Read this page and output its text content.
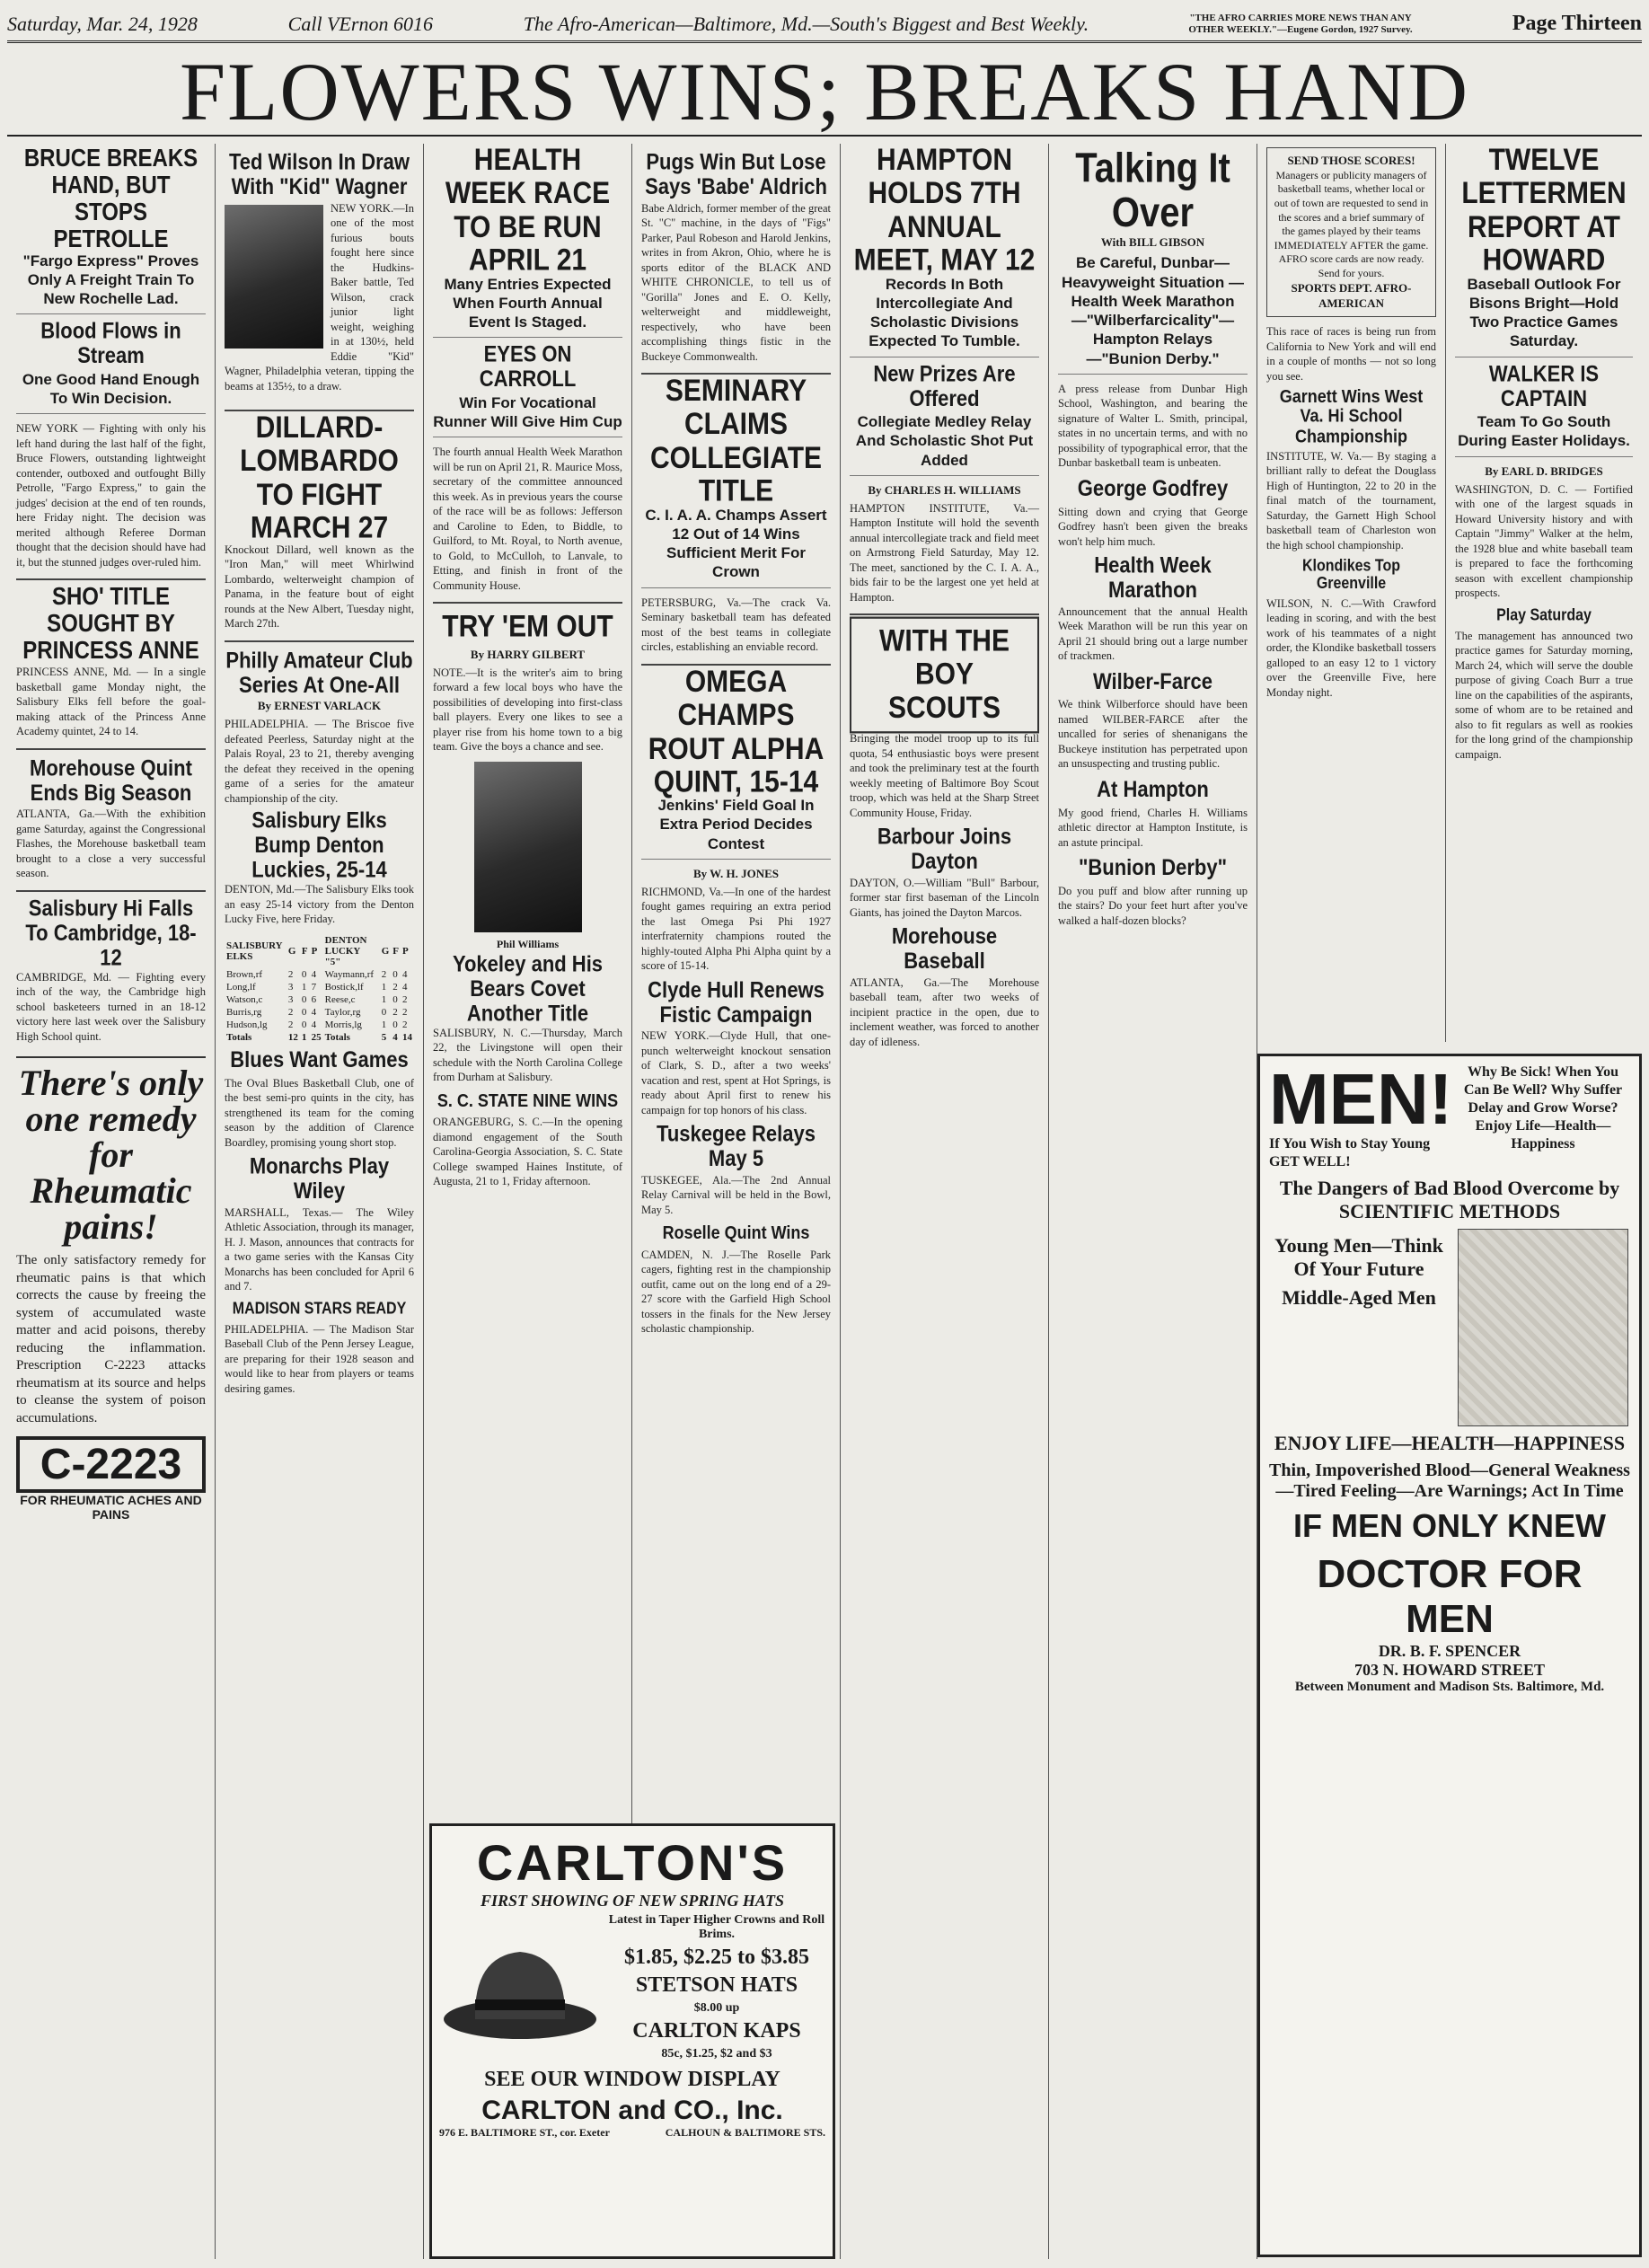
Saturday, Mar. 24, 1928	Call VErnon 6016	The Afro-American—Baltimore, Md.—South's Biggest and Best Weekly.	"THE AFRO CARRIES MORE NEWS THAN ANY OTHER WEEKLY."—Eugene Gordon, 1927 Survey.	Page Thirteen
FLOWERS WINS; BREAKS HAND
BRUCE BREAKS HAND, BUT STOPS PETROLLE
"Fargo Express" Proves Only A Freight Train To New Rochelle Lad.
Blood Flows in Stream
One Good Hand Enough To Win Decision.

NEW YORK — Fighting with only his left hand during the last half of the fight, Bruce Flowers, outstanding lightweight contender, outboxed and outfought Billy Petrolle, "Fargo Express," to gain the judges' decision at the end of ten rounds, here Friday night. The decision was merited although Referee Dorman thought that the decision should have had it, but the stunned judges over-ruled him.

SHO' TITLE SOUGHT BY PRINCESS ANNE

PRINCESS ANNE, Md. — In a single basketball game Monday night, the Salisbury Elks fell before the goal-making attack of the Princess Anne Academy quintet, 24 to 14.

Morehouse Quint Ends Big Season

ATLANTA, Ga.—With the exhibition game Saturday, against the Congressional Flashes, the Morehouse basketball team brought to a close a very successful season.

Salisbury Hi Falls To Cambridge, 18-12

CAMBRIDGE, Md. — Fighting every inch of the way, the Cambridge high school basketeers turned in an 18-12 victory here last week over the Salisbury High School quint.

There's only one remedy for Rheumatic pains!

The only satisfactory remedy for rheumatic pains is that which corrects the cause by freeing the system of accumulated waste matter and acid poisons, thereby reducing the inflammation. Prescription C-2223 attacks rheumatism at its source and helps to cleanse the system of poison accumulations.

C-2223
FOR RHEUMATIC ACHES AND PAINS
Ted Wilson In Draw With "Kid" Wagner

NEW YORK.—In one of the most furious bouts fought here since the Hudkins-Baker battle, Ted Wilson, crack junior light weight, weighing in at 130½, held Eddie "Kid" Wagner, Philadelphia veteran, tipping the beams at 135½, to a draw.

DILLARD-LOMBARDO TO FIGHT MARCH 27

Knockout Dillard, well known as the "Iron Man," will meet Whirlwind Lombardo, welterweight champion of Panama, in the feature bout of eight rounds at the New Albert, Tuesday night, March 27th.

Philly Amateur Club Series At One-All
By ERNEST VARLACK

PHILADELPHIA. — The Briscoe five defeated Peerless, Saturday night at the Palais Royal, 23 to 21, thereby avenging the defeat they received in the opening game of a series for the amateur championship of the city.

Salisbury Elks Bump Denton Luckies, 25-14

DENTON, Md.—The Salisbury Elks took an easy 25-14 victory from the Denton Lucky Five, here Friday.

SALISBURY ELKS	G	F	P	DENTON LUCKY "5"	G	F	P
Brown,rf	2	0	4	Waymann,rf	2	0	4
Long,lf	3	1	7	Bostick,lf	1	2	4
Watson,c	3	0	6	Reese,c	1	0	2
Burris,rg	2	0	4	Taylor,rg	0	2	2
Hudson,lg	2	0	4	Morris,lg	1	0	2
Totals	12	1	25	Totals	5	4	14
Blues Want Games

The Oval Blues Basketball Club, one of the best semi-pro quints in the city, has strengthened its team for the coming season by the addition of Clarence Boardley, promising young short stop.

Monarchs Play Wiley

MARSHALL, Texas.— The Wiley Athletic Association, through its manager, H. J. Mason, announces that contracts for a two game series with the Kansas City Monarchs has been concluded for April 6 and 7.

MADISON STARS READY

PHILADELPHIA. — The Madison Star Baseball Club of the Penn Jersey League, are preparing for their 1928 season and would like to hear from players or teams desiring games.

HEALTH WEEK RACE TO BE RUN APRIL 21
Many Entries Expected When Fourth Annual Event Is Staged.
EYES ON CARROLL
Win For Vocational Runner Will Give Him Cup

The fourth annual Health Week Marathon will be run on April 21, R. Maurice Moss, secretary of the committee announced this week. As in previous years the course of the race will be as follows: Jefferson and Caroline to Eden, to Biddle, to Guilford, to Mt. Royal, to North avenue, to Gold, to McCulloh, to Lanvale, to Etting, and finish in front of the Community House.

TRY 'EM OUT
By HARRY GILBERT

NOTE.—It is the writer's aim to bring forward a few local boys who have the possibilities of developing into first-class ball players. Every one likes to see a player rise from his home town to a big team. Give the boys a chance and see.

Phil Williams
Yokeley and His Bears Covet Another Title

SALISBURY, N. C.—Thursday, March 22, the Livingstone will open their schedule with the North Carolina College from Durham at Salisbury.

S. C. STATE NINE WINS

ORANGEBURG, S. C.—In the opening diamond engagement of the South Carolina-Georgia Association, S. C. State College swamped Haines Institute, of Augusta, 21 to 1, Friday afternoon.

Pugs Win But Lose Says 'Babe' Aldrich

Babe Aldrich, former member of the great St. "C" machine, in the days of "Figs" Parker, Paul Robeson and Harold Jenkins, writes in from Akron, Ohio, where he is sports editor of the BLACK AND WHITE CHRONICLE, to tell us of "Gorilla" Jones and E. O. Kelly, welterweight and middleweight, respectively, who have been accomplishing things fistic in the Buckeye Commonwealth.

SEMINARY CLAIMS COLLEGIATE TITLE
C. I. A. A. Champs Assert 12 Out of 14 Wins Sufficient Merit For Crown

PETERSBURG, Va.—The crack Va. Seminary basketball team has defeated most of the best teams in collegiate circles, establishing an enviable record.

OMEGA CHAMPS ROUT ALPHA QUINT, 15-14
Jenkins' Field Goal In Extra Period Decides Contest
By W. H. JONES

RICHMOND, Va.—In one of the hardest fought games requiring an extra period the last Omega Psi Phi 1927 interfraternity champions routed the highly-touted Alpha Phi Alpha quint by a score of 15-14.

Clyde Hull Renews Fistic Campaign

NEW YORK.—Clyde Hull, that one-punch welterweight knockout sensation of Clark, S. D., after a two weeks' vacation and rest, spent at Hot Springs, is ready about April first to renew his campaign for top honors of his class.

Tuskegee Relays May 5

TUSKEGEE, Ala.—The 2nd Annual Relay Carnival will be held in the Bowl, May 5.

Roselle Quint Wins

CAMDEN, N. J.—The Roselle Park cagers, fighting rest in the championship outfit, came out on the long end of a 29-27 score with the Garfield High School tossers in the finals for the New Jersey scholastic championship.

HAMPTON HOLDS 7TH ANNUAL MEET, MAY 12
Records In Both Intercollegiate And Scholastic Divisions Expected To Tumble.
New Prizes Are Offered
Collegiate Medley Relay And Scholastic Shot Put Added
By CHARLES H. WILLIAMS

HAMPTON INSTITUTE, Va.— Hampton Institute will hold the seventh annual intercollegiate track and field meet on Armstrong Field Saturday, May 12. The meet, sanctioned by the C. I. A. A., bids fair to be the largest one yet held at Hampton.

WITH THE BOY SCOUTS

Bringing the model troop up to its full quota, 54 enthusiastic boys were present and took the preliminary test at the fourth weekly meeting of Baltimore Boy Scout troop, which was held at the Sharp Street Community House, Friday.

Barbour Joins Dayton

DAYTON, O.—William "Bull" Barbour, former star first baseman of the Lincoln Giants, has joined the Dayton Marcos.

Morehouse Baseball

ATLANTA, Ga.—The Morehouse baseball team, after two weeks of incipient practice in the open, due to inclement weather, was forced to another day of idleness.

Talking It Over
With BILL GIBSON
Be Careful, Dunbar—Heavyweight Situation — Health Week Marathon—"Wilberfarcicality"—Hampton Relays—"Bunion Derby."

A press release from Dunbar High School, Washington, and bearing the signature of Walter L. Smith, principal, states in no uncertain terms, and with no possibility of typographical error, that the Dunbar basketball team is unbeaten.

George Godfrey

Sitting down and crying that George Godfrey hasn't been given the breaks won't help him much.

Health Week Marathon

Announcement that the annual Health Week Marathon will be run this year on April 21 should bring out a large number of trackmen.

Wilber-Farce

We think Wilberforce should have been named WILBER-FARCE after the uncalled for series of shenanigans the Buckeye institution has perpetrated upon an unsuspecting and trusting public.

At Hampton

My good friend, Charles H. Williams athletic director at Hampton Institute, is an astute principal.

"Bunion Derby"

Do you puff and blow after running up the stairs? Do your feet hurt after you've walked a half-dozen blocks?

SEND THOSE SCORES!
Managers or publicity managers of basketball teams, whether local or out of town are requested to send in the scores and a brief summary of the games played by their teams IMMEDIATELY AFTER the game. AFRO score cards are now ready. Send for yours.
SPORTS DEPT. AFRO-AMERICAN

This race of races is being run from California to New York and will end in a couple of months — not so long you see.

Garnett Wins West Va. Hi School Championship

INSTITUTE, W. Va.— By staging a brilliant rally to defeat the Douglass High of Huntington, 22 to 20 in the final match of the tournament, Saturday, the Garnett High School basketball team of Charleston won the high school championship.

Klondikes Top Greenville

WILSON, N. C.—With Crawford leading in scoring, and with the best work of his teammates of a night order, the Klondike basketball tossers galloped to an easy 12 to 1 victory over the Greenville Five, here Monday night.

TWELVE LETTERMEN REPORT AT HOWARD
Baseball Outlook For Bisons Bright—Hold Two Practice Games Saturday.
WALKER IS CAPTAIN
Team To Go South During Easter Holidays.
By EARL D. BRIDGES

WASHINGTON, D. C. — Fortified with one of the largest squads in Howard University history and with Captain "Jimmy" Walker at the helm, the 1928 blue and white baseball team is prepared to face the forthcoming season with excellent championship prospects.

Play Saturday

The management has announced two practice games for Saturday morning, March 24, which will serve the double purpose of giving Coach Burr a true line on the capabilities of the aspirants, some of whom are to be retained and also to fit regulars as well as rookies for the long grind of the championship campaign.

MEN!
If You Wish to Stay Young GET WELL!
Why Be Sick! When You Can Be Well? Why Suffer Delay and Grow Worse? Enjoy Life—Health—Happiness
The Dangers of Bad Blood Overcome by SCIENTIFIC METHODS
Young Men—Think Of Your Future
Middle-Aged Men
ENJOY LIFE—HEALTH—HAPPINESS
Thin, Impoverished Blood—General Weakness—Tired Feeling—Are Warnings; Act In Time
IF MEN ONLY KNEW
DOCTOR FOR MEN
DR. B. F. SPENCER
703 N. HOWARD STREET
Between Monument and Madison Sts. Baltimore, Md.
CARLTON'S
FIRST SHOWING OF NEW SPRING HATS
Latest in Taper Higher Crowns and Roll Brims.
$1.85, $2.25 to $3.85
STETSON HATS
$8.00 up
CARLTON KAPS
85c, $1.25, $2 and $3
SEE OUR WINDOW DISPLAY
CARLTON and CO., Inc.
976 E. BALTIMORE ST., cor. Exeter	CALHOUN & BALTIMORE STS.
